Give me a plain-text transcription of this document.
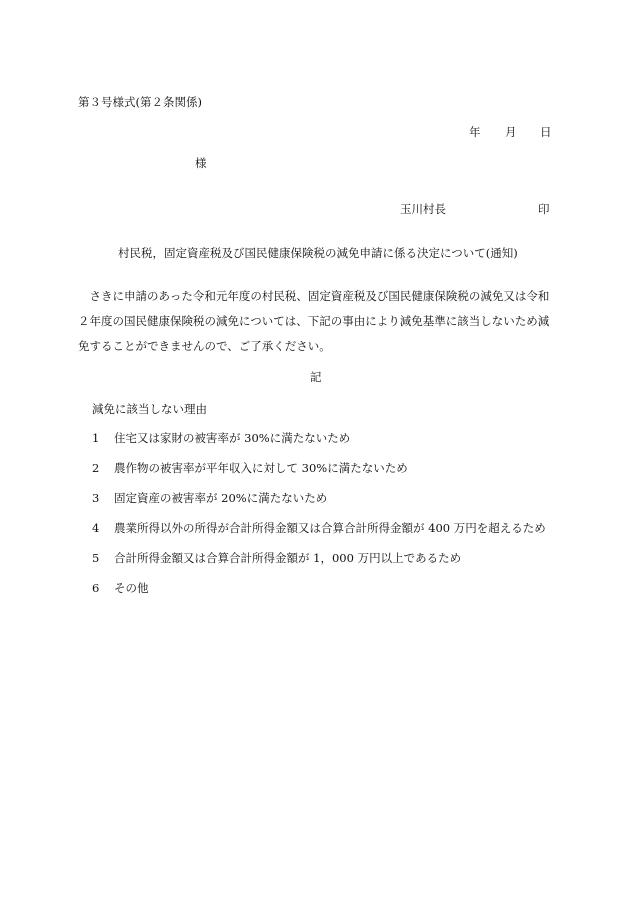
第３号様式(第２条関係)
年 月 日
様
玉川村長	印
村民税，固定資産税及び国民健康保険税の減免申請に係る決定について(通知)

さきに申請のあった令和元年度の村民税、固定資産税及び国民健康保険税の減免又は令和２年度の国民健康保険税の減免については、下記の事由により減免基準に該当しないため減免することができませんので、ご了承ください。

記
減免に該当しない理由
1 住宅又は家財の被害率が 30%に満たないため
2 農作物の被害率が平年収入に対して 30%に満たないため
3 固定資産の被害率が 20%に満たないため
4 農業所得以外の所得が合計所得金額又は合算合計所得金額が 400 万円を超えるため
5 合計所得金額又は合算合計所得金額が 1，000 万円以上であるため
6 その他
